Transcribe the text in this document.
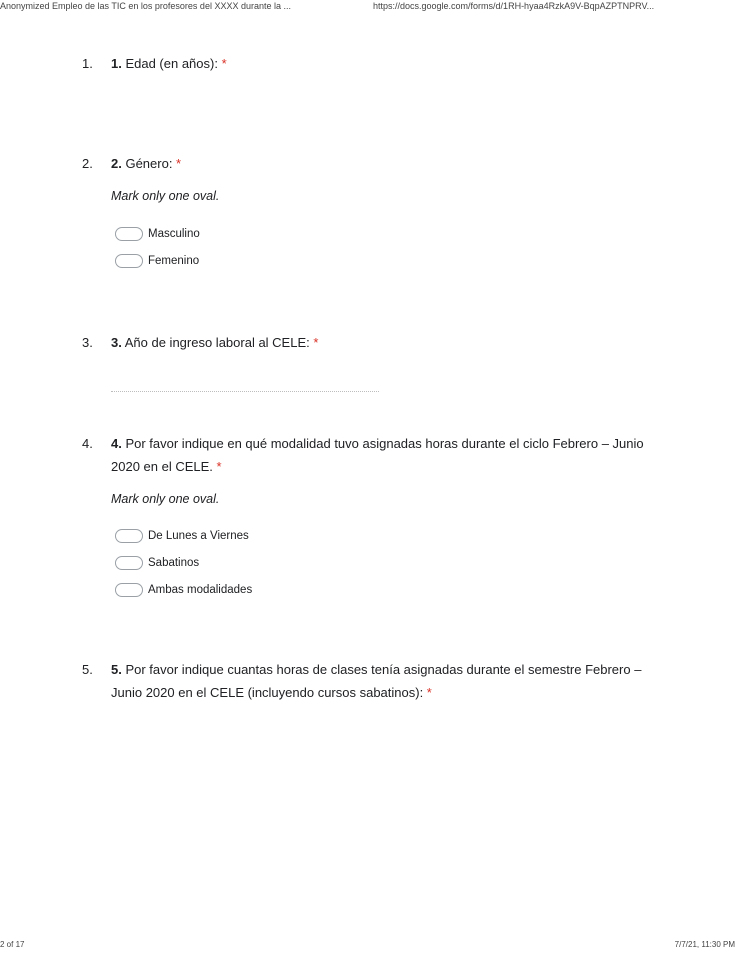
Anonymized Empleo de las TIC en los profesores del XXXX durante la ...	https://docs.google.com/forms/d/1RH-hyaa4RzkA9V-BqpAZPTNPRV...
1. 1. Edad (en años): *
2. 2. Género: *
Mark only one oval.
Masculino
Femenino
3. 3. Año de ingreso laboral al CELE: *
4. 4. Por favor indique en qué modalidad tuvo asignadas horas durante el ciclo Febrero – Junio 2020 en el CELE. *
Mark only one oval.
De Lunes a Viernes
Sabatinos
Ambas modalidades
5. 5. Por favor indique cuantas horas de clases tenía asignadas durante el semestre Febrero – Junio 2020 en el CELE (incluyendo cursos sabatinos): *
2 of 17	7/7/21, 11:30 PM
